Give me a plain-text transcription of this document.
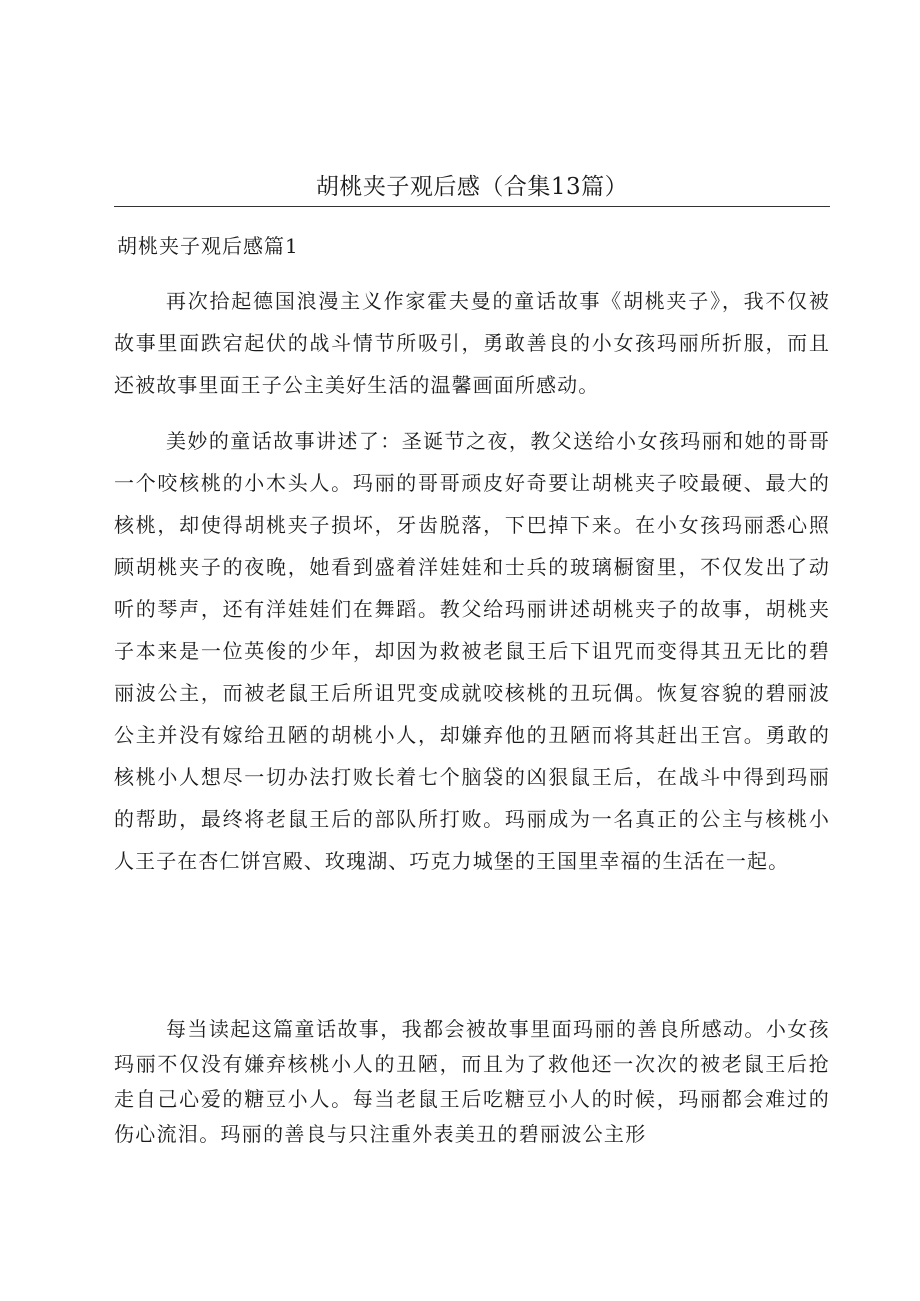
胡桃夹子观后感（合集13篇）
胡桃夹子观后感篇1

再次拾起德国浪漫主义作家霍夫曼的童话故事《胡桃夹子》，我不仅被故事里面跌宕起伏的战斗情节所吸引，勇敢善良的小女孩玛丽所折服，而且还被故事里面王子公主美好生活的温馨画面所感动。

美妙的童话故事讲述了：圣诞节之夜，教父送给小女孩玛丽和她的哥哥一个咬核桃的小木头人。玛丽的哥哥顽皮好奇要让胡桃夹子咬最硬、最大的核桃，却使得胡桃夹子损坏，牙齿脱落，下巴掉下来。在小女孩玛丽悉心照顾胡桃夹子的夜晚，她看到盛着洋娃娃和士兵的玻璃橱窗里，不仅发出了动听的琴声，还有洋娃娃们在舞蹈。教父给玛丽讲述胡桃夹子的故事，胡桃夹子本来是一位英俊的少年，却因为救被老鼠王后下诅咒而变得其丑无比的碧丽波公主，而被老鼠王后所诅咒变成就咬核桃的丑玩偶。恢复容貌的碧丽波公主并没有嫁给丑陋的胡桃小人，却嫌弃他的丑陋而将其赶出王宫。勇敢的核桃小人想尽一切办法打败长着七个脑袋的凶狠鼠王后，在战斗中得到玛丽的帮助，最终将老鼠王后的部队所打败。玛丽成为一名真正的公主与核桃小人王子在杏仁饼宫殿、玫瑰湖、巧克力城堡的王国里幸福的生活在一起。

每当读起这篇童话故事，我都会被故事里面玛丽的善良所感动。小女孩玛丽不仅没有嫌弃核桃小人的丑陋，而且为了救他还一次次的被老鼠王后抢走自己心爱的糖豆小人。每当老鼠王后吃糖豆小人的时候，玛丽都会难过的伤心流泪。玛丽的善良与只注重外表美丑的碧丽波公主形
